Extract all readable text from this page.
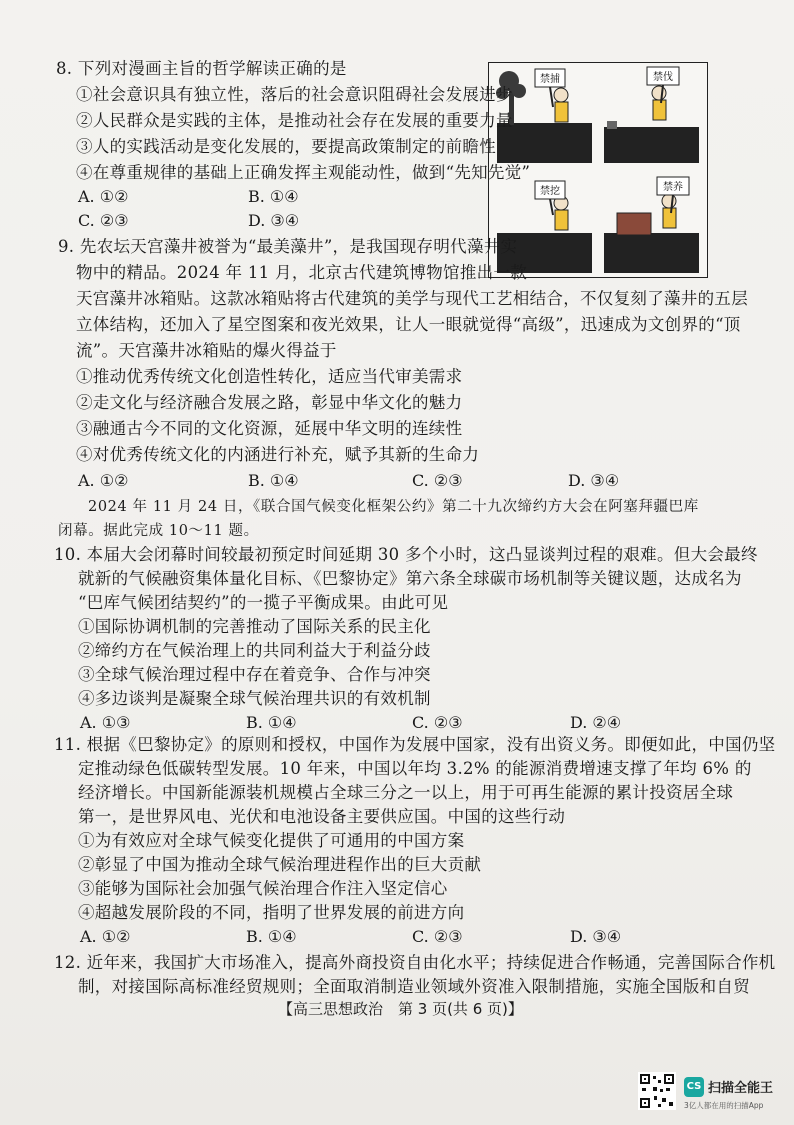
禁捕	禁伐
禁挖	禁养
8. 下列对漫画主旨的哲学解读正确的是
①社会意识具有独立性，落后的社会意识阻碍社会发展进步
②人民群众是实践的主体，是推动社会存在发展的重要力量
③人的实践活动是变化发展的，要提高政策制定的前瞻性
④在尊重规律的基础上正确发挥主观能动性，做到“先知先觉”
A. ①②	B. ①④
C. ②③	D. ③④
9. 先农坛天宫藻井被誉为“最美藻井”，是我国现存明代藻井实
物中的精品。2024 年 11 月，北京古代建筑博物馆推出一款
天宫藻井冰箱贴。这款冰箱贴将古代建筑的美学与现代工艺相结合，不仅复刻了藻井的五层
立体结构，还加入了星空图案和夜光效果，让人一眼就觉得“高级”，迅速成为文创界的“顶
流”。天宫藻井冰箱贴的爆火得益于
①推动优秀传统文化创造性转化，适应当代审美需求
②走文化与经济融合发展之路，彰显中华文化的魅力
③融通古今不同的文化资源，延展中华文明的连续性
④对优秀传统文化的内涵进行补充，赋予其新的生命力
A. ①②	B. ①④	C. ②③	D. ③④
2024 年 11 月 24 日，《联合国气候变化框架公约》第二十九次缔约方大会在阿塞拜疆巴库
闭幕。据此完成 10～11 题。
10. 本届大会闭幕时间较最初预定时间延期 30 多个小时，这凸显谈判过程的艰难。但大会最终
就新的气候融资集体量化目标、《巴黎协定》第六条全球碳市场机制等关键议题，达成名为
“巴库气候团结契约”的一揽子平衡成果。由此可见
①国际协调机制的完善推动了国际关系的民主化
②缔约方在气候治理上的共同利益大于利益分歧
③全球气候治理过程中存在着竞争、合作与冲突
④多边谈判是凝聚全球气候治理共识的有效机制
A. ①③	B. ①④	C. ②③	D. ②④
11. 根据《巴黎协定》的原则和授权，中国作为发展中国家，没有出资义务。即便如此，中国仍坚
定推动绿色低碳转型发展。10 年来，中国以年均 3.2% 的能源消费增速支撑了年均 6% 的
经济增长。中国新能源装机规模占全球三分之一以上，用于可再生能源的累计投资居全球
第一，是世界风电、光伏和电池设备主要供应国。中国的这些行动
①为有效应对全球气候变化提供了可通用的中国方案
②彰显了中国为推动全球气候治理进程作出的巨大贡献
③能够为国际社会加强气候治理合作注入坚定信心
④超越发展阶段的不同，指明了世界发展的前进方向
A. ①②	B. ①④	C. ②③	D. ③④
【高三思想政治　第 3 页(共 6 页)】
CS 扫描全能王
3亿人都在用的扫描App
12. 近年来，我国扩大市场准入，提高外商投资自由化水平；持续促进合作畅通，完善国际合作机
制，对接国际高标准经贸规则；全面取消制造业领域外资准入限制措施，实施全国版和自贸
